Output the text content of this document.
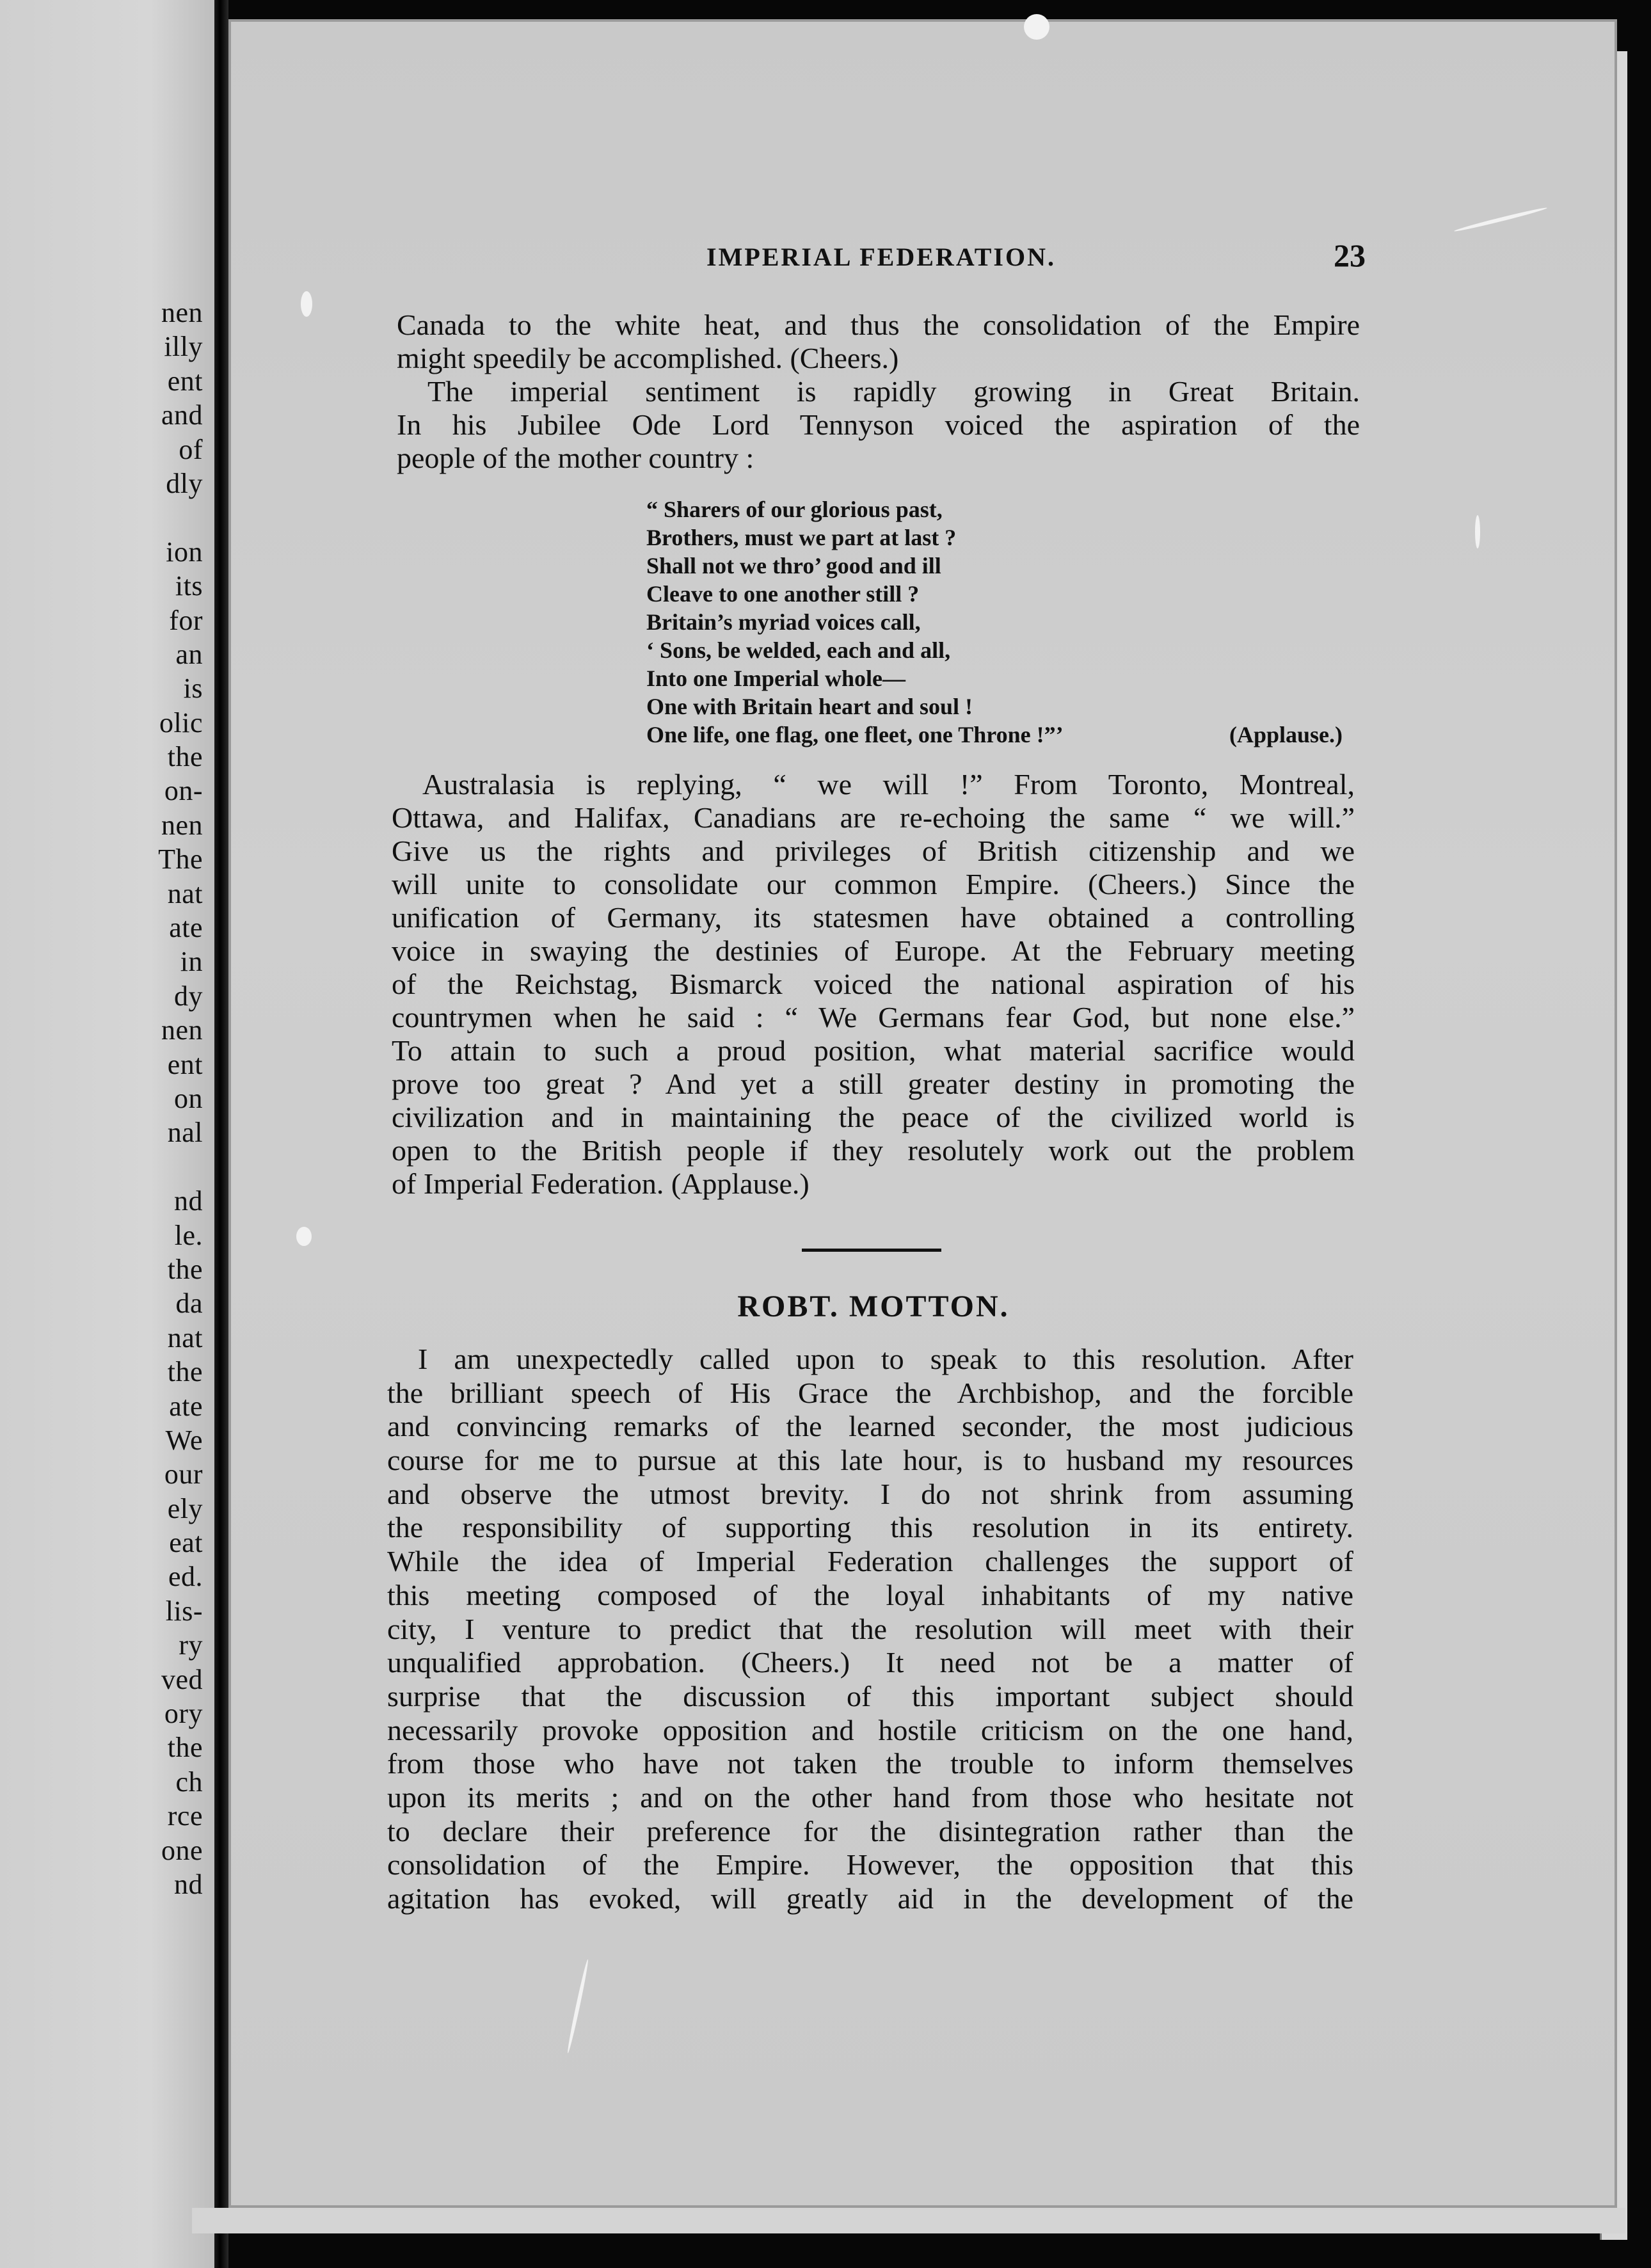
nen
illy
ent
and
of
dly
ion
its
for
an
is
olic
the
on-
nen
The
nat
ate
in
dy
nen
ent
on
nal
nd
le.
the
da
nat
the
ate
We
our
ely
eat
ed.
lis-
ry
ved
ory
the
ch
rce
one
nd
IMPERIAL FEDERATION.	23
Canada to the white heat, and thus the consolidation of the Empire
might speedily be accomplished. (Cheers.)
The imperial sentiment is rapidly growing in Great Britain.
In his Jubilee Ode Lord Tennyson voiced the aspiration of the
people of the mother country :
(Applause.)
“ Sharers of our glorious past,
Brothers, must we part at last ?
Shall not we thro’ good and ill
Cleave to one another still ?
Britain’s myriad voices call,
‘ Sons, be welded, each and all,
Into one Imperial whole—
One with Britain heart and soul !
One life, one flag, one fleet, one Throne !”’
Australasia is replying, “ we will !” From Toronto, Montreal,
Ottawa, and Halifax, Canadians are re-echoing the same “ we will.”
Give us the rights and privileges of British citizenship and we
will unite to consolidate our common Empire. (Cheers.) Since the
unification of Germany, its statesmen have obtained a controlling
voice in swaying the destinies of Europe. At the February meeting
of the Reichstag, Bismarck voiced the national aspiration of his
countrymen when he said : “ We Germans fear God, but none else.”
To attain to such a proud position, what material sacrifice would
prove too great ? And yet a still greater destiny in promoting the
civilization and in maintaining the peace of the civilized world is
open to the British people if they resolutely work out the problem
of Imperial Federation. (Applause.)
ROBT. MOTTON.
I am unexpectedly called upon to speak to this resolution. After
the brilliant speech of His Grace the Archbishop, and the forcible
and convincing remarks of the learned seconder, the most judicious
course for me to pursue at this late hour, is to husband my resources
and observe the utmost brevity. I do not shrink from assuming
the responsibility of supporting this resolution in its entirety.
While the idea of Imperial Federation challenges the support of
this meeting composed of the loyal inhabitants of my native
city, I venture to predict that the resolution will meet with their
unqualified approbation. (Cheers.) It need not be a matter of
surprise that the discussion of this important subject should
necessarily provoke opposition and hostile criticism on the one hand,
from those who have not taken the trouble to inform themselves
upon its merits ; and on the other hand from those who hesitate not
to declare their preference for the disintegration rather than the
consolidation of the Empire. However, the opposition that this
agitation has evoked, will greatly aid in the development of the
